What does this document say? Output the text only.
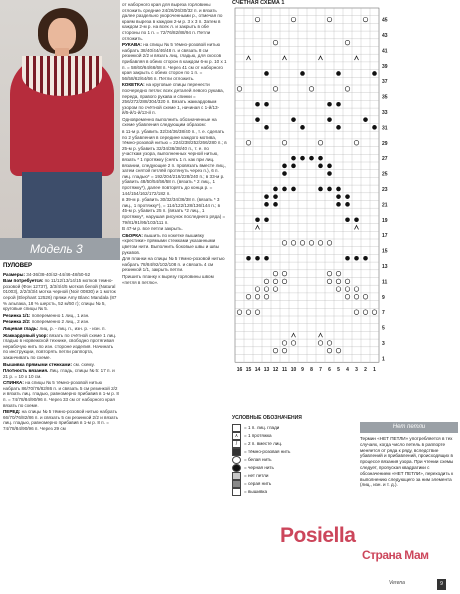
Модель 3
ПУЛОВЕР

Размеры: 34-36/38-40/42-44/46-48/50-52

Вам потребуется: по 11/12/13/14/15 мотков темно-розовой (Фон 12737), 3/3/4/4/5 мотков белой (Natural 01003), 2/2/3/3/4 мотка черной (Noir 00830) и 1 моток серой (Elephant 12526) пряжи Amy Blanc Mandala (87 % альпака, 18 % шерсть, 52 м/50 г); спицы № 5, круговые спицы № 5.

Резинка 1/1: попеременно 1 лиц., 1 изн.

Резинка 2/2: попеременно 2 лиц., 2 изн.

Лицевая гладь: лиц. р. - лиц. п., изн. р. - изн. п.

Жаккардовый узор: вязать по счётной схеме 1 лиц. гладью в норвежской технике, свободно протягивая нерабочую нить по изн. стороне изделия. Начинать по инструкции, повторять петли раппорта, заканчивать по схеме.

Вышивка прямыми стежками: см. схему.

Плотность вязания. Лиц. гладь, спицы № 5: 17 п. и 21 р. = 10 x 10 см.

СПИНКА: на спицы № 5 тёмно-розовой нитью набрать 86/70/76/82/86 п. и связать 5 см резинкой 2/2 и вязать лиц. гладью, равномерно прибавив в 1-м р. 8 п. = 74/78/84/90/96 п. Через 33 см от наборного края вязать по схеме.

ПЕРЕД: на спицы № 5 тёмно-розовой нитью набрать 66/70/76/82/86 п. и связать 5 см резинкой 2/2 и вязать лиц. гладью, равномерно прибавив в 1-м р. 8 п. = 74/78/84/90/96 п. Через 29 см

от наборного края для выреза горловины отложить средние 24/26/26/30/32 п. и вязать далее раздельно укороченными р., отмечая по краям выреза в каждом 2-м р. 3 x 3 п. Затем в каждом 2-м р. на всех л. и закрыть в обе стороны по 1 п. = 72/76/82/88/94 п. Петли отложить.

РУКАВА: на спицы № 5 тёмно-розовой нитью набрать 38/40/44/46/48 п. и связать 8 см резинкой 2/2 и вязать лиц. гладью, для скосов прибавляя в обеих сторон в каждом 6-м р. 10 x 1 п. = 58/60/64/66/68 п. Через 41 см от наборного края закрыть с обеих сторон по 1 п. = 56/58/62/64/66 п. Петли отложить.

КОКЕТКА: на круговые спицы перенести поочередно петли: всех деталей левого рукава, переда, правого рукава и спинки = 256/272/288/304/320 п. Вязать жаккардовым узором по счётной схеме 1, начиная с 1-й/13-й/5-й/1-й/13-й п.

Одновременно выполнить обозначенные на схеме убавления следующим образом:

в 11-м р. убавить 32/34/36/38/40 п., т. е. сделать по 2 убавления в середине каждого мотива, тёмно-розовой нитью = 224/238/252/266/280 п.; в 25-м р. убавить 32/34/36/38/40 п., т. е. по участкам узора, выполненных черной нитью, вязать * 1 протяжку (снять 1 п. как при лиц. вязании, следующие 2 п. провязать вместе лиц., затем снятой петлёй протянуть через п.), 6 п. лиц. гладью* = 192/204/216/228/240 п.; в 33-м р. убавить 48/50/54/56/58 п. (вязать * 2 лиц., 1 протяжку*), далее повторять до конца р. = 144/154/162/172/182 п.

в 39-м р. убавить 30/32/34/36/38 п. (вязать * 3 лиц., 1 протяжку*), = 114/122/128/136/144 п.; в 45-м р. убавить 25 п. (вязать *2 лиц., 1 протяжку*, нарушая рисунок последнего ряда) = 79/81/91/95/103/111 п.

В 47-м р. все петли закрыть.

СБОРКА: вышить по кокетке вышивку «крестики» прямыми стежками указанными цветом нити. Выполнить боковые швы и швы рукавов.

Для планки на спицы № 5 тёмно-розовой нитью набрать 78/84/92/102/108 п. и связать 4 см резинкой 1/1, закрыть петли.

Пришить планку к вырезу горловины швом «петля в петлю».

СЧЕТНАЯ СХЕМА 1
45
43
41
39
37
35
33
31
29
27
25
23
21
19
17
15
13
11
9
7
5
3
1
16 15 14 13 12 11 10 9	8	7	6	5	4	3	2	1
УСЛОВНЫЕ ОБОЗНАЧЕНИЯ
= 1 п. лиц. глади
⋏	= 1 протяжка
/	= 2 п. вместе лиц.
= тёмно-розовая нить
= белая нить
= черная нить
= нет петли
= серая нить
= вышивка
Нет петли
Термин «НЕТ ПЕТЛИ» употребляется в тех случаях, когда число петель в раппорте меняется от ряда к ряду, вследствие убавлений и прибавлений, происходящих в процессе вязания узора. При чтении схемы следует, пропуская квадратики с обозначением «НЕТ ПЕТЛИ», переходить к выполнению следующего за ним элемента (лиц., изн. и т. д.).
Posiella
Страна Мам
Verena	9
